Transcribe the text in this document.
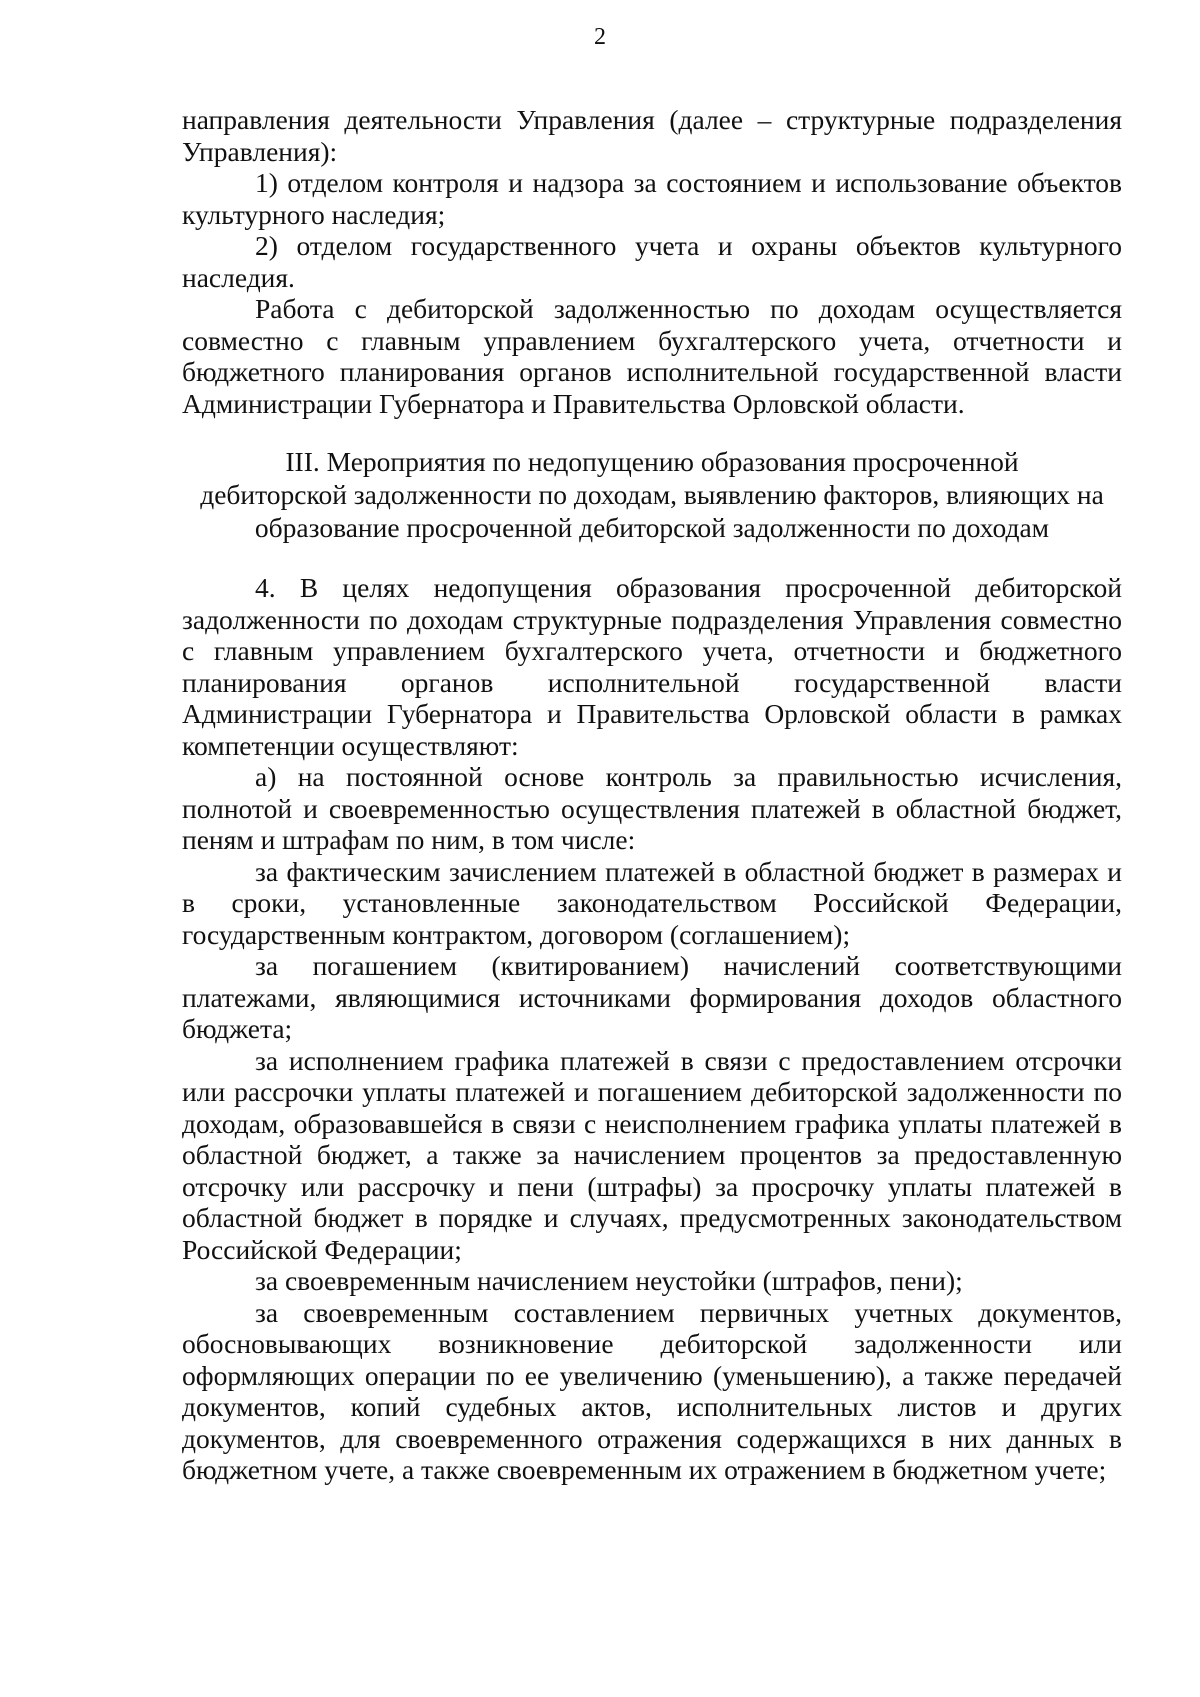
2

направления деятельности Управления (далее – структурные подразделения Управления):

1) отделом контроля и надзора за состоянием и использование объектов культурного наследия;

2) отделом государственного учета и охраны объектов культурного наследия.

Работа с дебиторской задолженностью по доходам осуществляется совместно с главным управлением бухгалтерского учета, отчетности и бюджетного планирования органов исполнительной государственной власти Администрации Губернатора и Правительства Орловской области.

III. Мероприятия по недопущению образования просроченной
дебиторской задолженности по доходам, выявлению факторов, влияющих на
образование просроченной дебиторской задолженности по доходам

4. В целях недопущения образования просроченной дебиторской задолженности по доходам структурные подразделения Управления совместно с главным управлением бухгалтерского учета, отчетности и бюджетного планирования органов исполнительной государственной власти Администрации Губернатора и Правительства Орловской области в рамках компетенции осуществляют:

а) на постоянной основе контроль за правильностью исчисления, полнотой и своевременностью осуществления платежей в областной бюджет, пеням и штрафам по ним, в том числе:

за фактическим зачислением платежей в областной бюджет в размерах и в сроки, установленные законодательством Российской Федерации, государственным контрактом, договором (соглашением);

за погашением (квитированием) начислений соответствующими платежами, являющимися источниками формирования доходов областного бюджета;

за исполнением графика платежей в связи с предоставлением отсрочки или рассрочки уплаты платежей и погашением дебиторской задолженности по доходам, образовавшейся в связи с неисполнением графика уплаты платежей в областной бюджет, а также за начислением процентов за предоставленную отсрочку или рассрочку и пени (штрафы) за просрочку уплаты платежей в областной бюджет в порядке и случаях, предусмотренных законодательством Российской Федерации;

за своевременным начислением неустойки (штрафов, пени);

за своевременным составлением первичных учетных документов, обосновывающих возникновение дебиторской задолженности или оформляющих операции по ее увеличению (уменьшению), а также передачей документов, копий судебных актов, исполнительных листов и других документов, для своевременного отражения содержащихся в них данных в бюджетном учете, а также своевременным их отражением в бюджетном учете;
